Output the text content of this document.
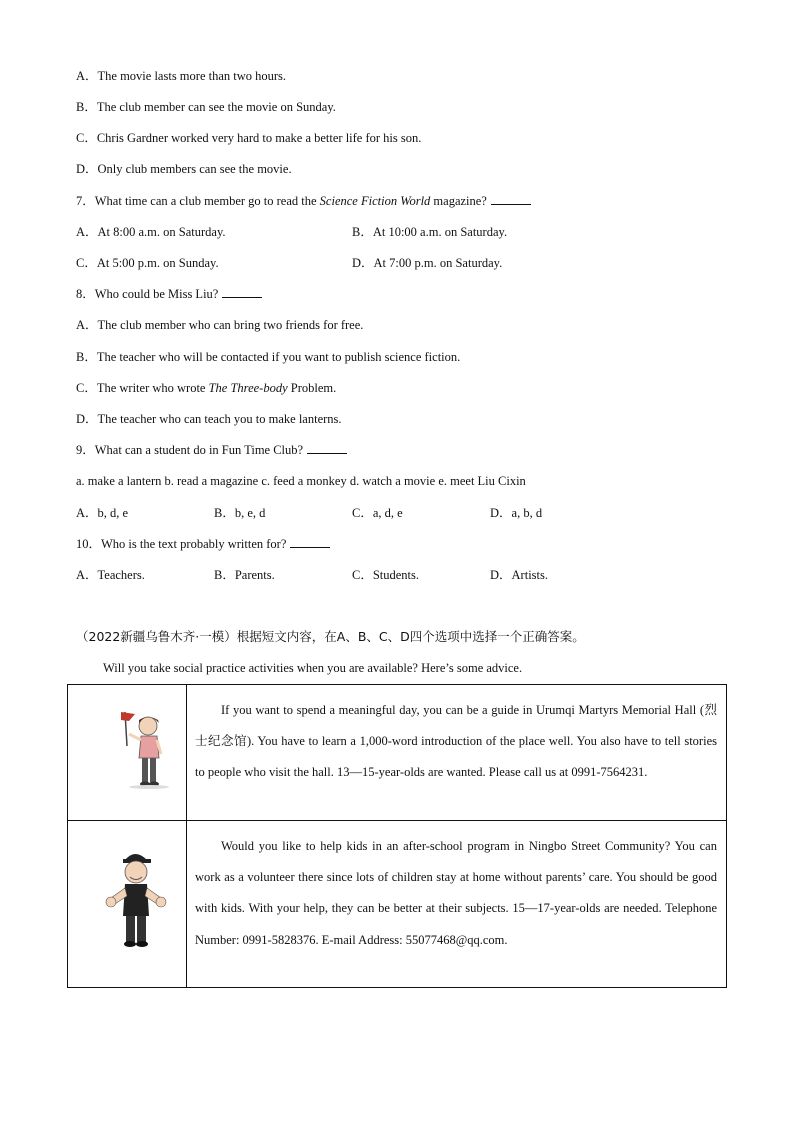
A．The movie lasts more than two hours.
B．The club member can see the movie on Sunday.
C．Chris Gardner worked very hard to make a better life for his son.
D．Only club members can see the movie.
7．What time can a club member go to read the Science Fiction World magazine?
A．At 8:00 a.m. on Saturday.	B．At 10:00 a.m. on Saturday.
C．At 5:00 p.m. on Sunday.	D．At 7:00 p.m. on Saturday.
8．Who could be Miss Liu?
A．The club member who can bring two friends for free.
B．The teacher who will be contacted if you want to publish science fiction.
C．The writer who wrote The Three-body Problem.
D．The teacher who can teach you to make lanterns.
9．What can a student do in Fun Time Club?
a. make a lantern b. read a magazine c. feed a monkey d. watch a movie e. meet Liu Cixin
A．b, d, e	B．b, e, d	C．a, d, e	D．a, b, d
10．Who is the text probably written for?
A．Teachers.	B．Parents.	C．Students.	D．Artists.
（2022新疆乌鲁木齐·一模）根据短文内容，在A、B、C、D四个选项中选择一个正确答案。
Will you take social practice activities when you are available? Here’s some advice.
	If you want to spend a meaningful day, you can be a guide in Urumqi Martyrs Memorial Hall (烈士纪念馆). You have to learn a 1,000-word introduction of the place well. You also have to tell stories to people who visit the hall. 13—15-year-olds are wanted. Please call us at 0991-7564231.
	Would you like to help kids in an after-school program in Ningbo Street Community? You can work as a volunteer there since lots of children stay at home without parents’ care. You should be good with kids. With your help, they can be better at their subjects. 15—17-year-olds are needed. Telephone Number: 0991-5828376. E-mail Address: 55077468@qq.com.
